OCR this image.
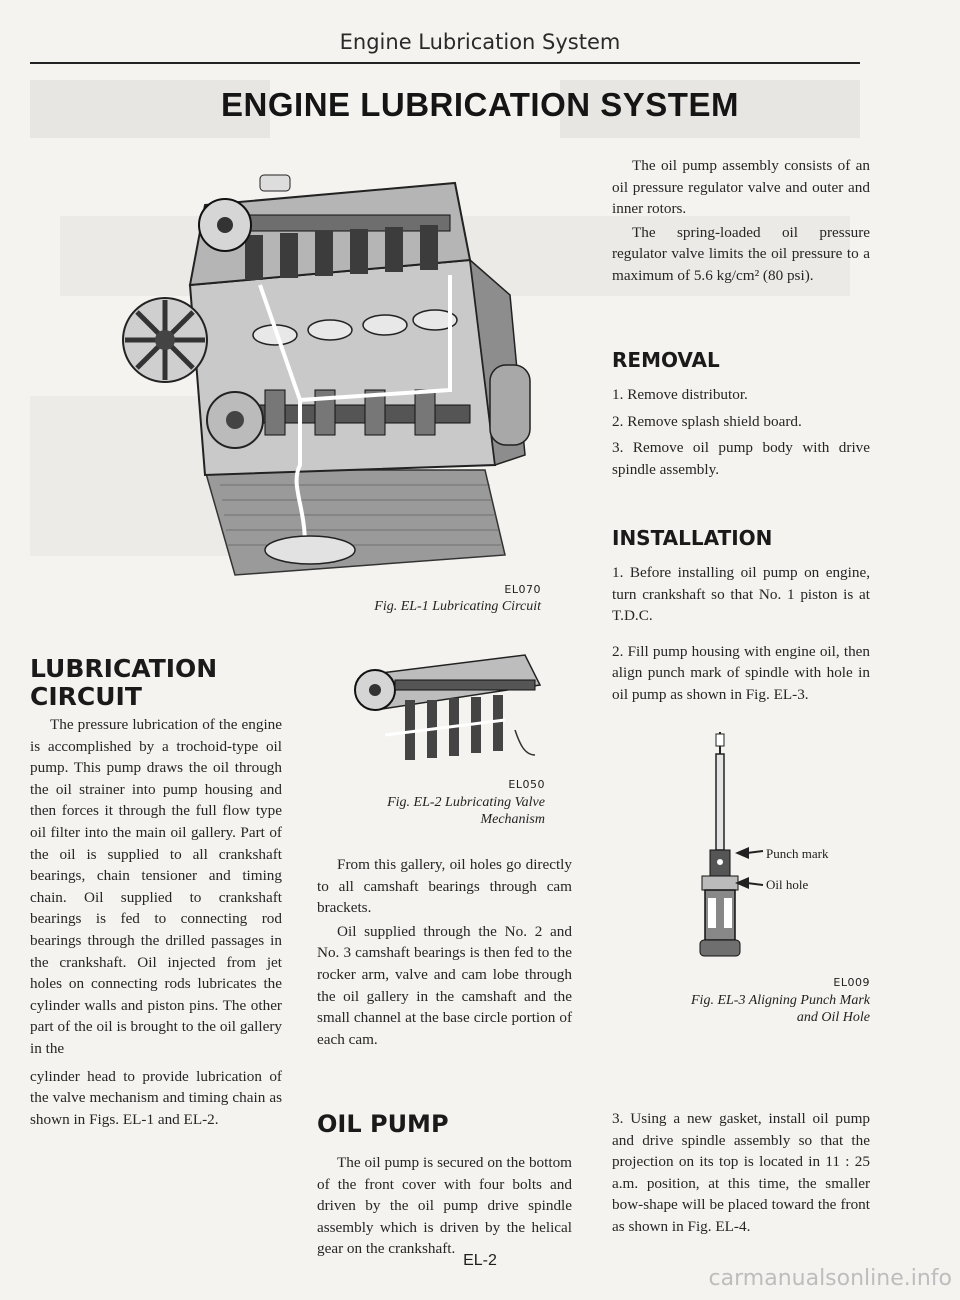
Engine Lubrication System
ENGINE LUBRICATION SYSTEM
EL070
Fig. EL-1 Lubricating Circuit
LUBRICATION
CIRCUIT

The pressure lubrication of the engine is accomplished by a trochoid-type oil pump. This pump draws the oil through the oil strainer into pump housing and then forces it through the full flow type oil filter into the main oil gallery. Part of the oil is supplied to all crankshaft bearings, chain tensioner and timing chain. Oil supplied to crankshaft bearings is fed to connecting rod bearings through the drilled passages in the crankshaft. Oil injected from jet holes on connecting rods lubricates the cylinder walls and piston pins. The other part of the oil is brought to the oil gallery in the

cylinder head to provide lubrication of the valve mechanism and timing chain as shown in Figs. EL-1 and EL-2.

EL050
Fig. EL-2 Lubricating Valve
Mechanism

From this gallery, oil holes go directly to all camshaft bearings through cam brackets.

Oil supplied through the No. 2 and No. 3 camshaft bearings is then fed to the rocker arm, valve and cam lobe through the oil gallery in the camshaft and the small channel at the base circle portion of each cam.

OIL PUMP

The oil pump is secured on the bottom of the front cover with four bolts and driven by the oil pump drive spindle assembly which is driven by the helical gear on the crankshaft.

The oil pump assembly consists of an oil pressure regulator valve and outer and inner rotors.

The spring-loaded oil pressure regulator valve limits the oil pressure to a maximum of 5.6 kg/cm² (80 psi).

REMOVAL

1. Remove distributor.

2. Remove splash shield board.

3. Remove oil pump body with drive spindle assembly.

INSTALLATION

1. Before installing oil pump on engine, turn crankshaft so that No. 1 piston is at T.D.C.

2. Fill pump housing with engine oil, then align punch mark of spindle with hole in oil pump as shown in Fig. EL-3.

Punch mark
Oil hole
EL009
Fig. EL-3 Aligning Punch Mark
and Oil Hole

3. Using a new gasket, install oil pump and drive spindle assembly so that the projection on its top is located in 11 : 25 a.m. position, at this time, the smaller bow-shape will be placed toward the front as shown in Fig. EL-4.

EL-2
carmanualsonline.info
